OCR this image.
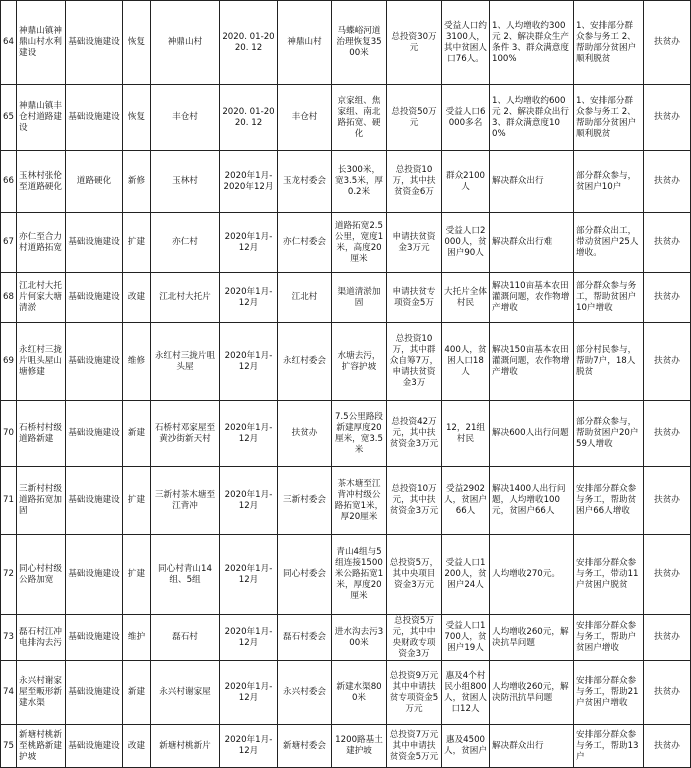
64	神鼎山镇神鼎山村水利建设	基础设施建设	恢复	神鼎山村	2020. 01-2020. 12	神鼎山村	马蝶峪河道治理恢复3500米	总投资30万元	受益人口约3100人，其中贫困人口76人。	1、人均增收约300元 2、解决群众生产条件 3、群众满意度100%	1、安排部分群众参与务工 2、帮助部分贫困户顺利脱贫	扶贫办
65	神鼎山镇丰仓村道路建设	基础设施建设	恢复	丰仓村	2020. 01-2020. 12	丰仓村	京家组、焦家组、南北路拓宽、硬化	总投资50万元	受益人口6000多名	1、人均增收约600元 2、解决群众出行 3、群众满意度100%	1、安排部分群众参与务工 2、帮助部分贫困户顺利脱贫	扶贫办
66	玉林村张伦至道路硬化	道路硬化	新修	玉林村	2020年1月-2020年12月	玉龙村委会	长300米，宽3.5米，厚0.2米	总投资10万，其中扶贫资金6万	群众2100人	解决群众出行	部分群众参与，贫困户10户	扶贫办
67	亦仁至合力村道路拓宽	基础设施建设	扩建	亦仁村	2020年1月-12月	亦仁村委会	道路拓宽2.5公里，宽度1米，高度20厘米	申请扶贫资金3万元	受益人口2000人，贫困户90人	解决群众出行难	部分群众出工，带动贫困户25人增收。	扶贫办
68	江北村大托片何家大塘清淤	基础设施建设	改建	江北村大托片	2020年1月-12月	江北村	渠道清淤加固	申请扶贫专项资金5万	大托片全体村民	解决110亩基本农田灌溉问题，农作物增产增收	部分群众参与务工，帮助贫困户10户增收	扶贫办
69	永红村三拢片咀头屋山塘修建	基础设施建设	维修	永红村三拢片咀头屋	2020年1月-12月	永红村委会	水塘去污，扩容护坡	总投资10万，其中群众自筹7万，申请扶贫资金3万	400人，贫困人口18人	解决150亩基本农田灌溉问题，农作物增产增收	部分村民参与，帮助7户，18人脱贫	扶贫办
70	石桥村村级道路新建	基础设施建设	新建	石桥村邓家屋至黄沙街新天村	2020年1月-12月	扶贫办	7.5公里路段新建厚度20厘米，宽3.5米	总投资42万元，其中扶贫资金3万元	12，21组村民	解决600人出行问题	部分群众参与，帮助贫困户20户59人增收	扶贫办
71	三新村村级道路拓宽加固	基础设施建设	扩建	三新村茶木塘至江背冲	2020年1月-12月	三新村委会	茶木塘至江背冲村级公路拓宽1米，厚20厘米	总投资10万元，其中扶贫资金3万元	受益2902人，贫困户66人	解决1400人出行问题，人均增收100元，贫困户66人	安排部分群众参与务工，帮助贫困户66人增收	扶贫办
72	同心村村级公路加宽	基础设施建设	扩建	同心村青山14组、5组	2020年1月-12月	同心村委会	青山4组与5组连接1500米公路拓宽1米，厚度20厘米	总投资5万，其中央项目资金3万元	受益人口1200人，贫困户24人	人均增收270元。	安排部分群众参与务工，带动11户贫困户脱贫	扶贫办
73	磊石村江冲电排沟去污	基础设施建设	维护	磊石村	2020年1月-12月	磊石村委会	进水沟去污300米	总投资5万元，其中中央财政专项资金3万	受益人口1700人，贫困户19人	人均增收260元，解决抗旱问题	安排部分群众参与务工，帮助户贫困户增收	扶贫办
74	永兴村谢家屋至畈形新建水渠	基础设施建设	新建	永兴村谢家屋	2020年1月-12月	永兴村委会	新建水渠800米	总投资9万元其中申请扶贫专项资金5万元	惠及4个村民小组800人，贫困人口12人	人均增收260元，解决防汛抗旱问题	安排部分群众参与务工，帮助21户贫困户增收	扶贫办
75	新塘村桃新至桃路新建护坡	基础设施建设	改建	新塘村桃新片	2020年1月-12月	新塘村委会	1200路基土建护坡	总投资7万元其中申请扶贫资金5万元	惠及4500人，贫困户	解决群众出行	安排部分群众参与务工，帮助13户	扶贫办
